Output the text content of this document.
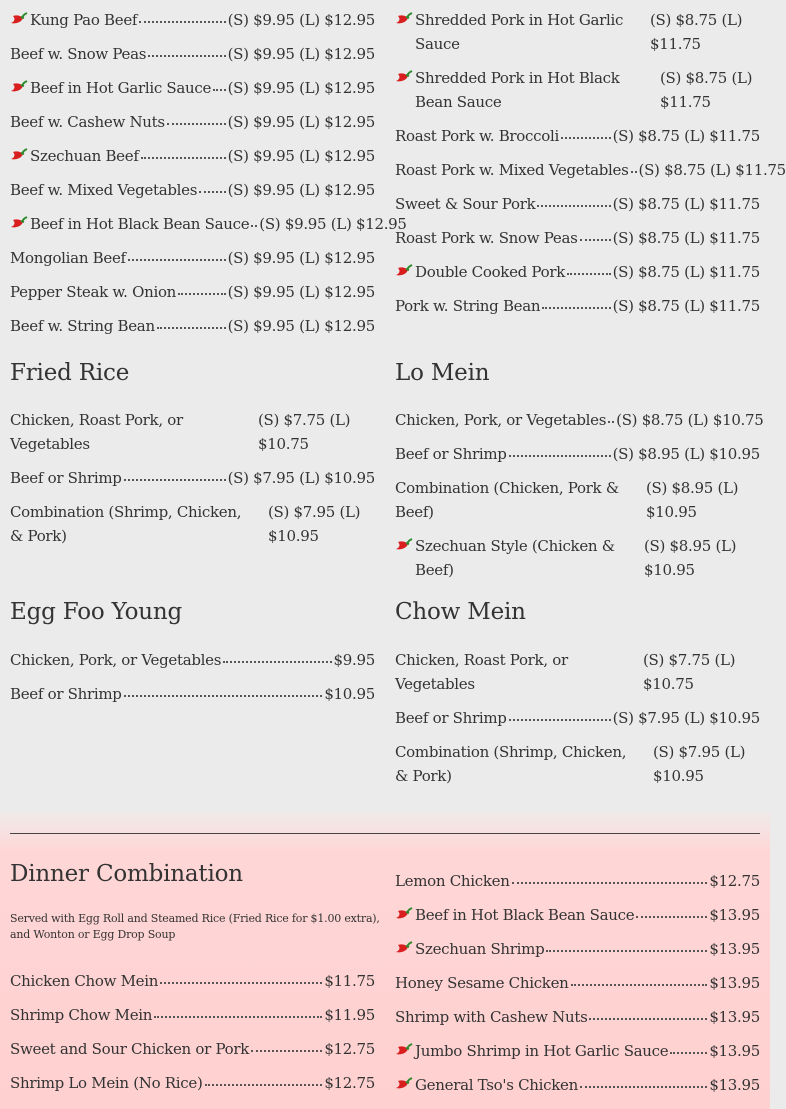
Fried Rice	Lo Mein
Egg Foo Young	Chow Mein
Dinner Combination
Served with Egg Roll and Steamed Rice (Fried Rice for $1.00 extra), and Wonton or Egg Drop Soup
Kung Pao Beef	(S) $9.95 (L) $12.95
Beef w. Snow Peas	(S) $9.95 (L) $12.95
Beef in Hot Garlic Sauce (S) $9.95 (L) $12.95
Beef w. Cashew Nuts	(S) $9.95 (L) $12.95
Szechuan Beef	(S) $9.95 (L) $12.95
Beef w. Mixed Vegetables (S) $9.95 (L) $12.95
Beef in Hot Black Bean Sauce (S) $9.95 (L) $12.95
Mongolian Beef	(S) $9.95 (L) $12.95
Pepper Steak w. Onion	(S) $9.95 (L) $12.95
Beef w. String Bean	(S) $9.95 (L) $12.95
Shredded Pork in Hot Garlic Sauce
(S) $8.75 (L) $11.75
Shredded Pork in Hot Black Bean Sauce
(S) $8.75 (L) $11.75
Roast Pork w. Broccoli	(S) $8.75 (L) $11.75
Roast Pork w. Mixed Vegetables (S) $8.75 (L) $11.75
Sweet & Sour Pork	(S) $8.75 (L) $11.75
Roast Pork w. Snow Peas (S) $8.75 (L) $11.75
Double Cooked Pork	(S) $8.75 (L) $11.75
Pork w. String Bean	(S) $8.75 (L) $11.75
Chicken, Roast Pork, or Vegetables
(S) $7.75 (L) $10.75
Beef or Shrimp	(S) $7.95 (L) $10.95
Combination (Shrimp, Chicken, & Pork)
(S) $7.95 (L) $10.95
Chicken, Pork, or Vegetables (S) $8.75 (L) $10.75
Beef or Shrimp	(S) $8.95 (L) $10.95
Combination (Chicken, Pork & Beef)
(S) $8.95 (L) $10.95
Szechuan Style (Chicken & Beef)
(S) $8.95 (L) $10.95
Chicken, Pork, or Vegetables	$9.95
Beef or Shrimp	$10.95
Chicken, Roast Pork, or Vegetables
(S) $7.75 (L) $10.75
Beef or Shrimp	(S) $7.95 (L) $10.95
Combination (Shrimp, Chicken, & Pork)
(S) $7.95 (L) $10.95
Chicken Chow Mein	$11.75
Shrimp Chow Mein	$11.95
Sweet and Sour Chicken or Pork	$12.75
Shrimp Lo Mein (No Rice)	$12.75
Lemon Chicken	$12.75
Beef in Hot Black Bean Sauce	$13.95
Szechuan Shrimp	$13.95
Honey Sesame Chicken	$13.95
Shrimp with Cashew Nuts	$13.95
Jumbo Shrimp in Hot Garlic Sauce	$13.95
General Tso's Chicken	$13.95
